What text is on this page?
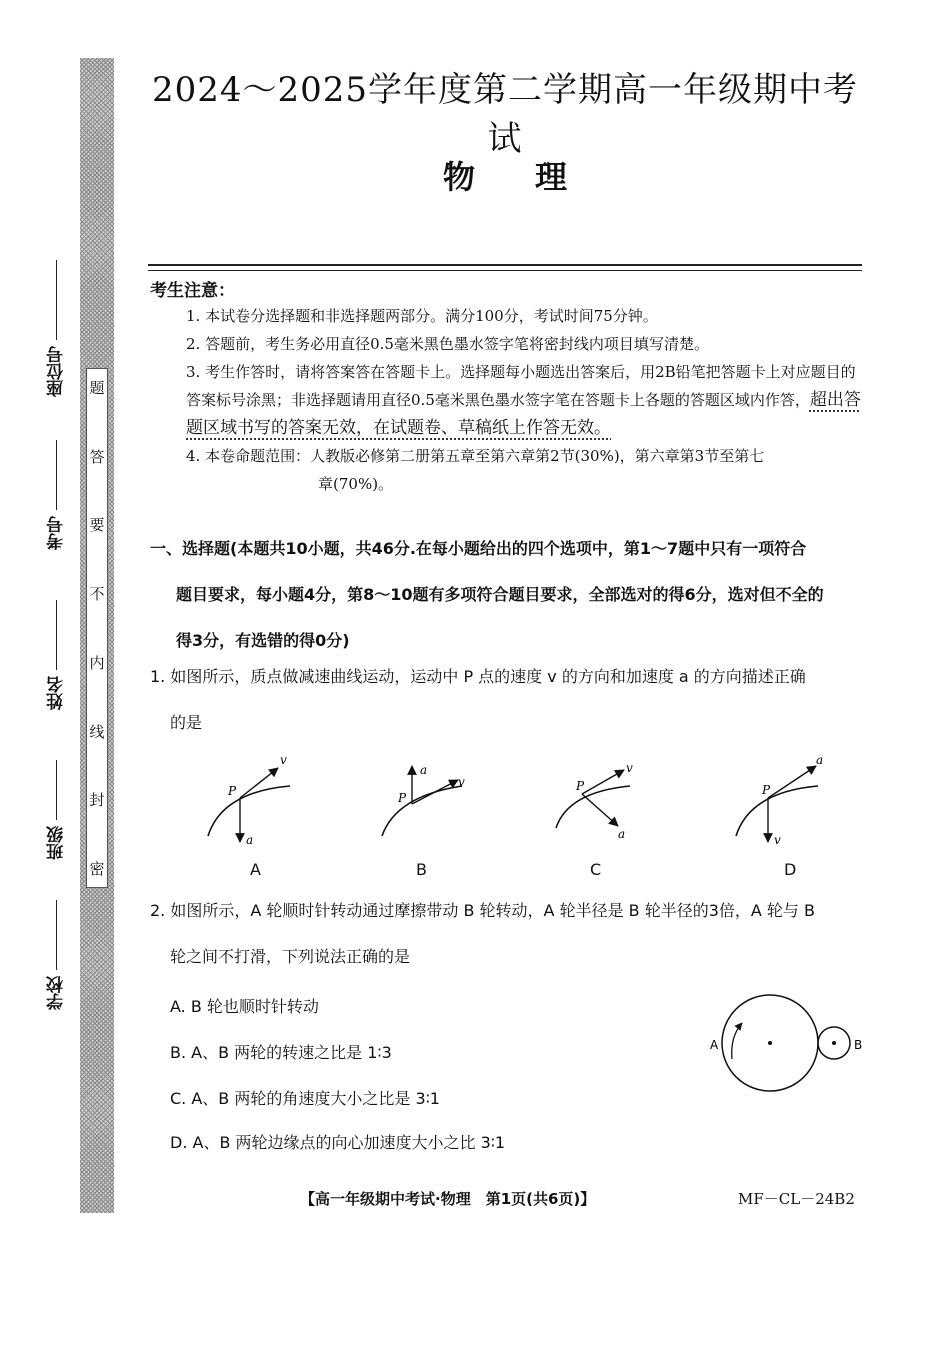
题
答
要
不
内
线
封
密
座位号
考号
姓名
班级
学校
2024～2025学年度第二学期高一年级期中考试
物理
考生注意：

1. 本试卷分选择题和非选择题两部分。满分100分，考试时间75分钟。

2. 答题前，考生务必用直径0.5毫米黑色墨水签字笔将密封线内项目填写清楚。

3. 考生作答时，请将答案答在答题卡上。选择题每小题选出答案后，用2B铅笔把答题卡上对应题目的答案标号涂黑；非选择题请用直径0.5毫米黑色墨水签字笔在答题卡上各题的答题区域内作答，超出答题区域书写的答案无效，在试题卷、草稿纸上作答无效。

4. 本卷命题范围：人教版必修第二册第五章至第六章第2节(30%)，第六章第3节至第七

章(70%)。

一、选择题(本题共10小题，共46分.在每小题给出的四个选项中，第1～7题中只有一项符合
题目要求，每小题4分，第8～10题有多项符合题目要求，全部选对的得6分，选对但不全的
得3分，有选错的得0分)
1. 如图所示，质点做减速曲线运动，运动中 P 点的速度 v 的方向和加速度 a 的方向描述正确
的是
P
v
a
P
a
v	P
v
a
P
a
v
A	B	C	D
2. 如图所示，A 轮顺时针转动通过摩擦带动 B 轮转动，A 轮半径是 B 轮半径的3倍，A 轮与 B
轮之间不打滑，下列说法正确的是
A. B 轮也顺时针转动
B. A、B 两轮的转速之比是 1∶3
C. A、B 两轮的角速度大小之比是 3∶1
D. A、B 两轮边缘点的向心加速度大小之比 3∶1
A	B
【高一年级期中考试·物理　第1页(共6页)】	MF－CL－24B2
